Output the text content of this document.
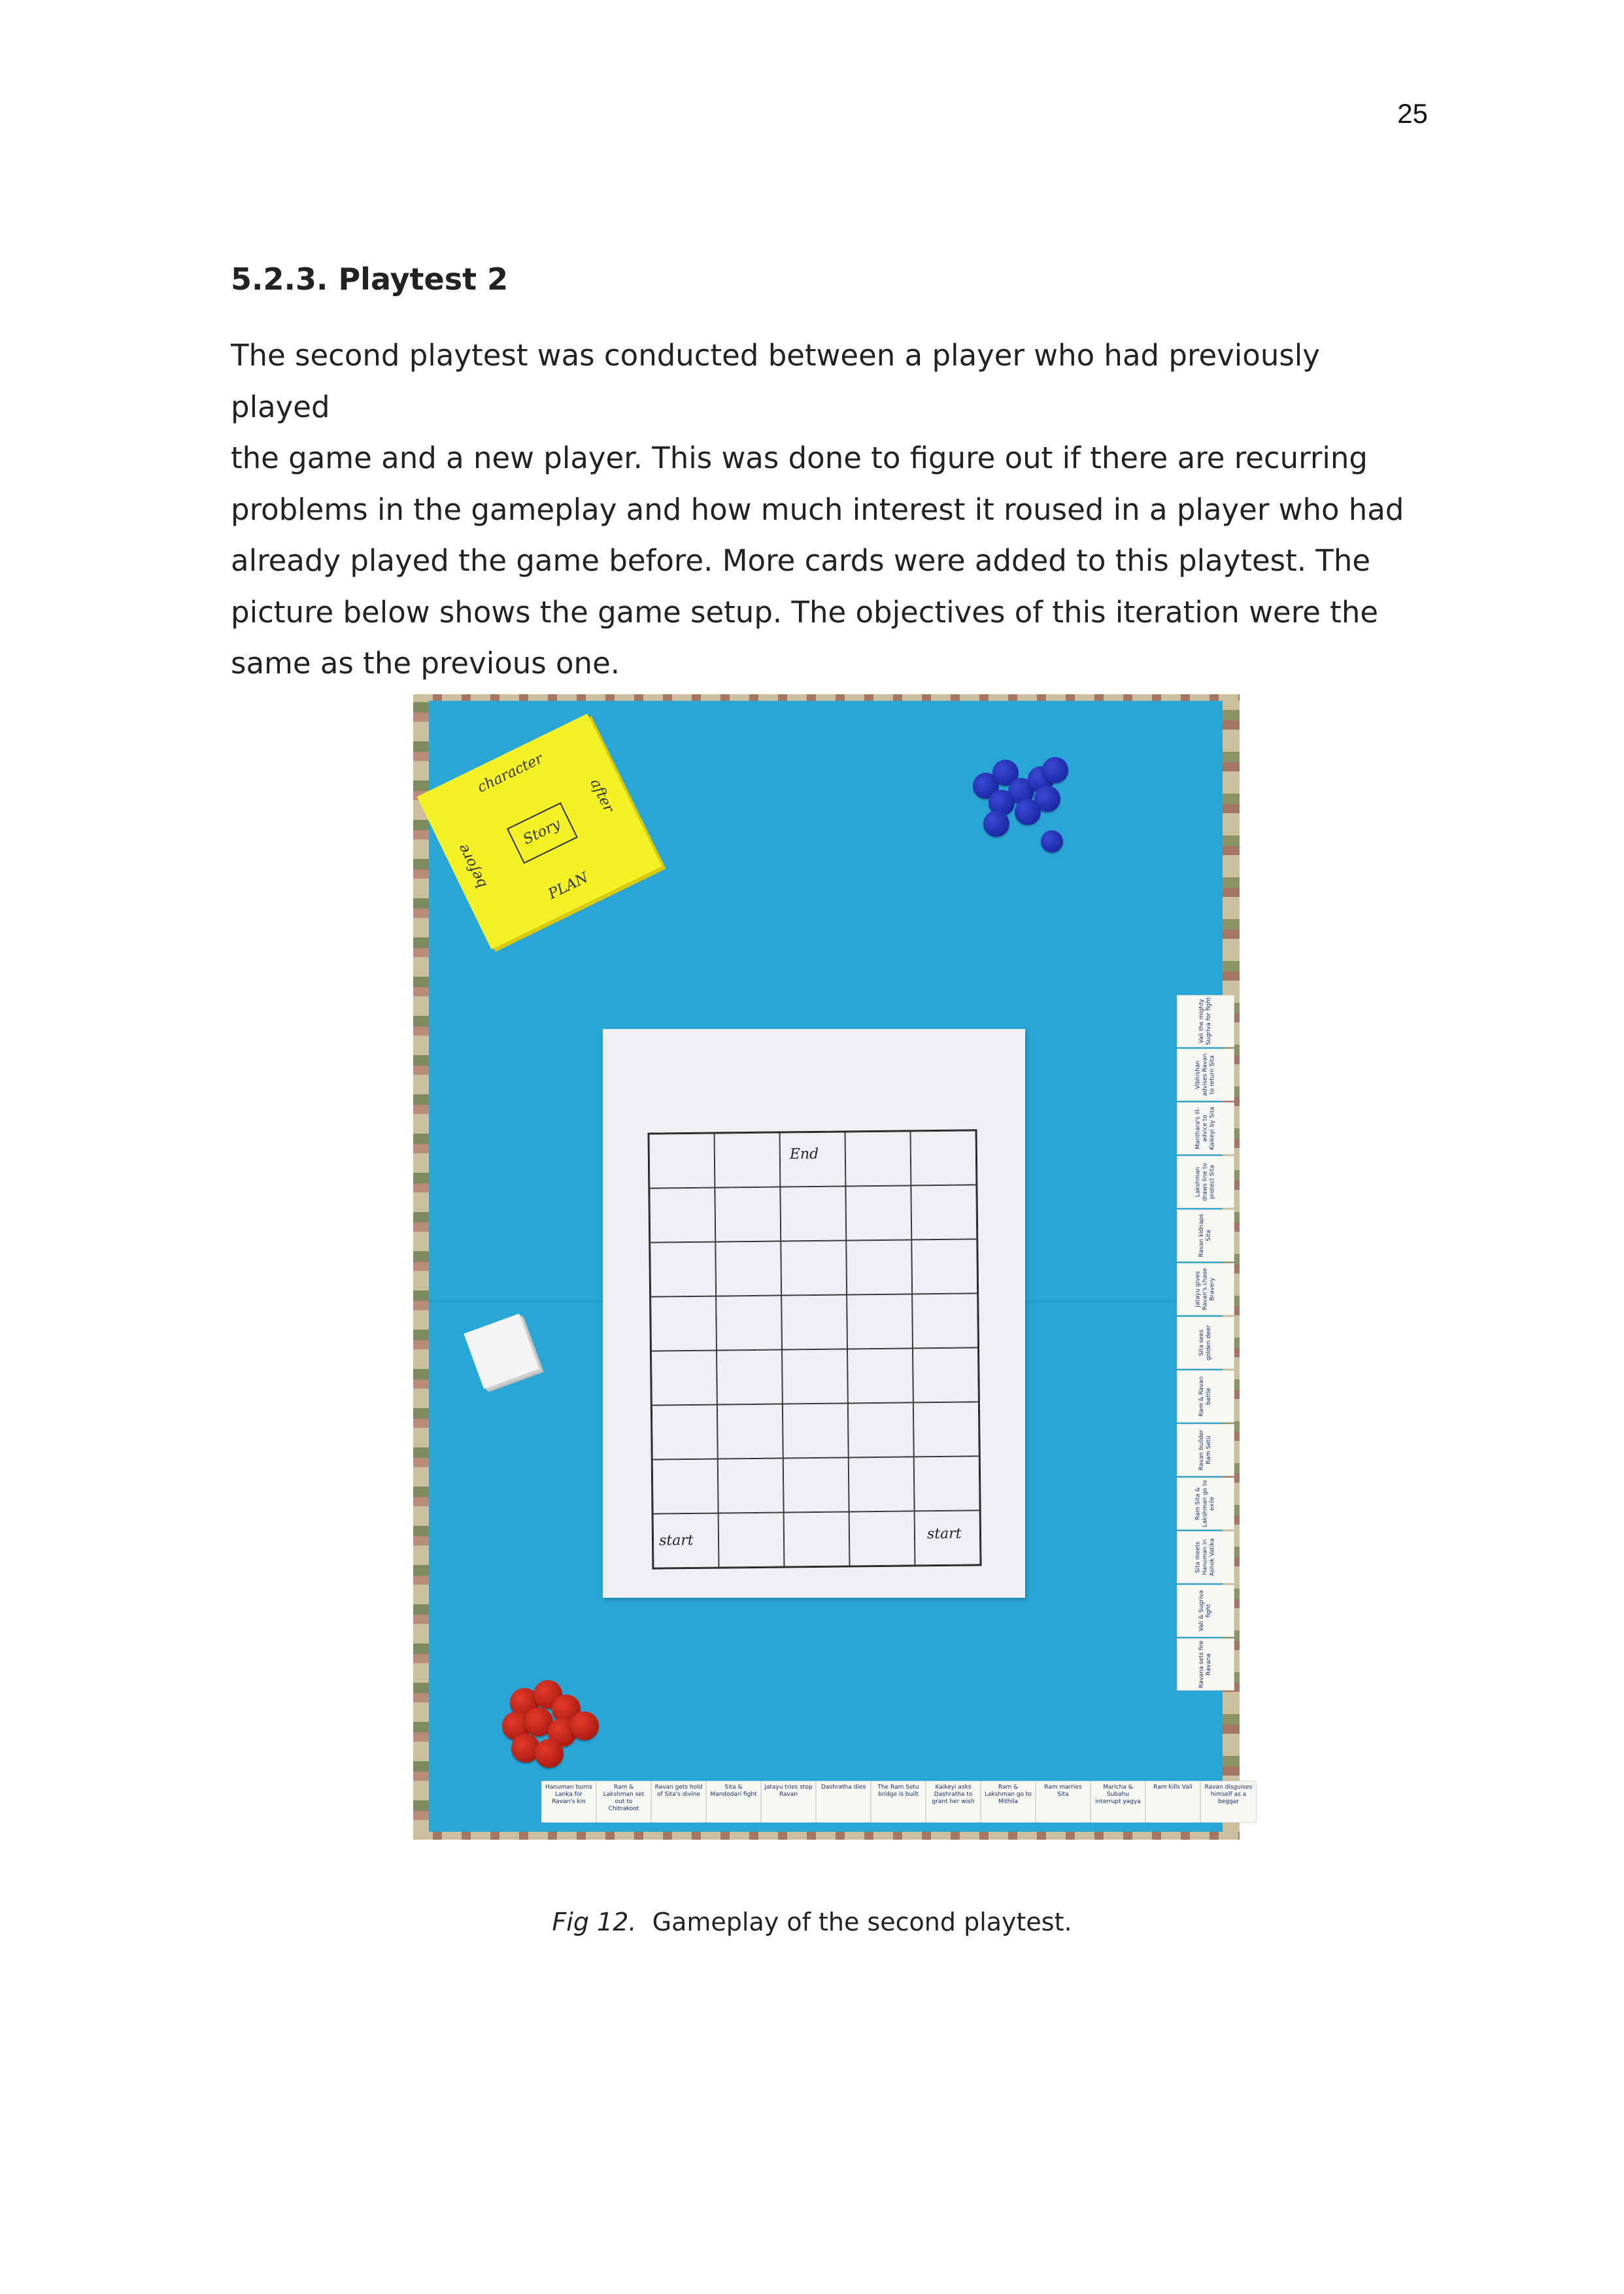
25
5.2.3. Playtest 2
The second playtest was conducted between a player who had previously played
the game and a new player. This was done to figure out if there are recurring
problems in the gameplay and how much interest it roused in a player who had
already played the game before. More cards were added to this playtest. The
picture below shows the game setup. The objectives of this iteration were the
same as the previous one.
character	after
before	PLAN
Story
End
start	start
Vali the mighty Sugriva for fight
Vibhishan advises Ravan to return Sita
Manthara's ill-advice to Kaikeyi by Sita
Lakshman draws line to protect Sita
Ravan kidnaps Sita
Jatayu gives Ravan's chase Bravery
Sita sees golden deer
Ram & Ravan battle
Ravan builder Ram Setu
Ram Sita & Lakshman go to exile
Sita meets Hanuman in Ashok Vatika
Vali & Sugriva fight
Ravana sets fire Ravana
Hanuman burns Lanka for Ravan's kin
Ram & Lakshman set out to Chitrakoot
Ravan gets hold of Sita's divine
Sita & Mandodari fight
Jatayu tries stop Ravan
Dashratha dies	The Ram Setu bridge is built
Kaikeyi asks Dashratha to grant her wish
Ram & Lakshman go to Mithila
Ram marries Sita
Maricha & Subahu interrupt yagya
Ram kills Vali	Ravan disguises himself as a beggar
Fig 12. Gameplay of the second playtest.
